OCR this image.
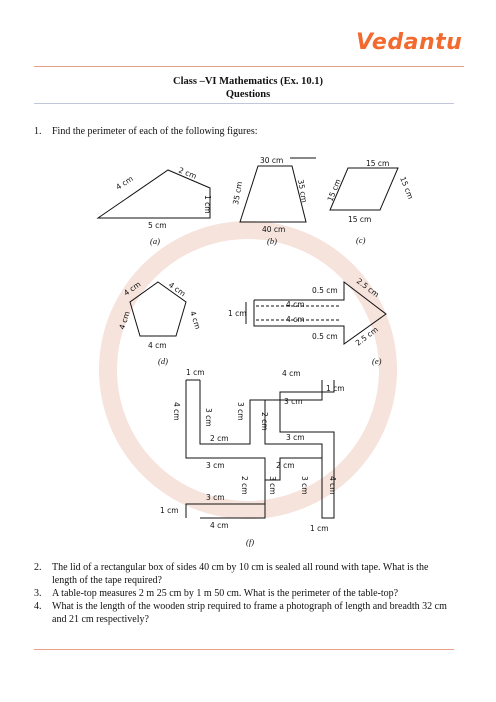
Vedantu
Class –VI Mathematics (Ex. 10.1)
Questions
1. Find the perimeter of each of the following figures:
4 cm
2 cm
1 cm
5 cm
(a)
30 cm
35 cm	35 cm
40 cm
(b)
15 cm
15 cm	15 cm
15 cm
(c)
4 cm	4 cm
4 cm	4 cm
4 cm
(d)
0.5 cm
4 cm
4 cm
1 cm
0.5 cm
2.5 cm
2.5 cm
(e)
1 cm	4 cm
1 cm
4 cm	3 cm	3 cm
3 cm
2 cm
2 cm	3 cm
3 cm	2 cm
3 cm
2 cm	3 cm
3 cm
4 cm
1 cm
4 cm	1 cm
(f)
2. The lid of a rectangular box of sides 40 cm by 10 cm is sealed all round with tape. What is the length of the tape required?
3. A table-top measures 2 m 25 cm by 1 m 50 cm. What is the perimeter of the table-top?
4. What is the length of the wooden strip required to frame a photograph of length and breadth 32 cm and 21 cm respectively?
